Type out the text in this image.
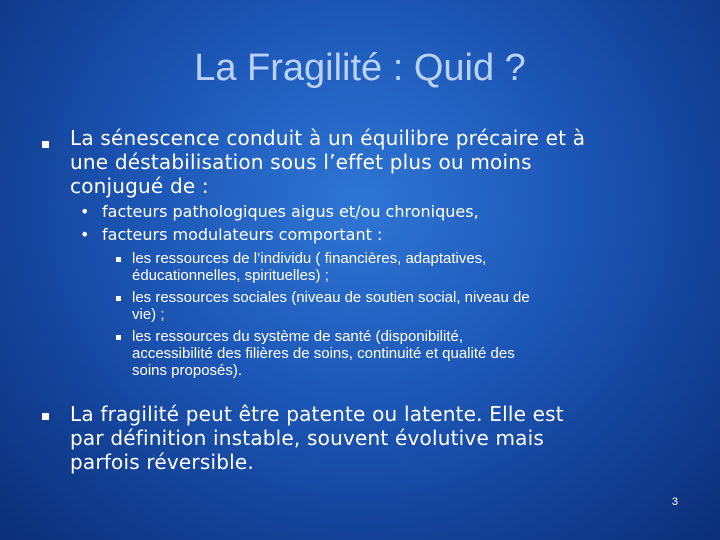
La Fragilité : Quid ?
La sénescence conduit à un équilibre précaire et à
une déstabilisation sous l’effet plus ou moins
conjugué de :
• facteurs pathologiques aigus et/ou chroniques,
• facteurs modulateurs comportant :
les ressources de l’individu ( financières, adaptatives,
éducationnelles, spirituelles) ;
les ressources sociales (niveau de soutien social, niveau de
vie) ;
les ressources du système de santé (disponibilité,
accessibilité des filières de soins, continuité et qualité des
soins proposés).
La fragilité peut être patente ou latente. Elle est
par définition instable, souvent évolutive mais
parfois réversible.
3
